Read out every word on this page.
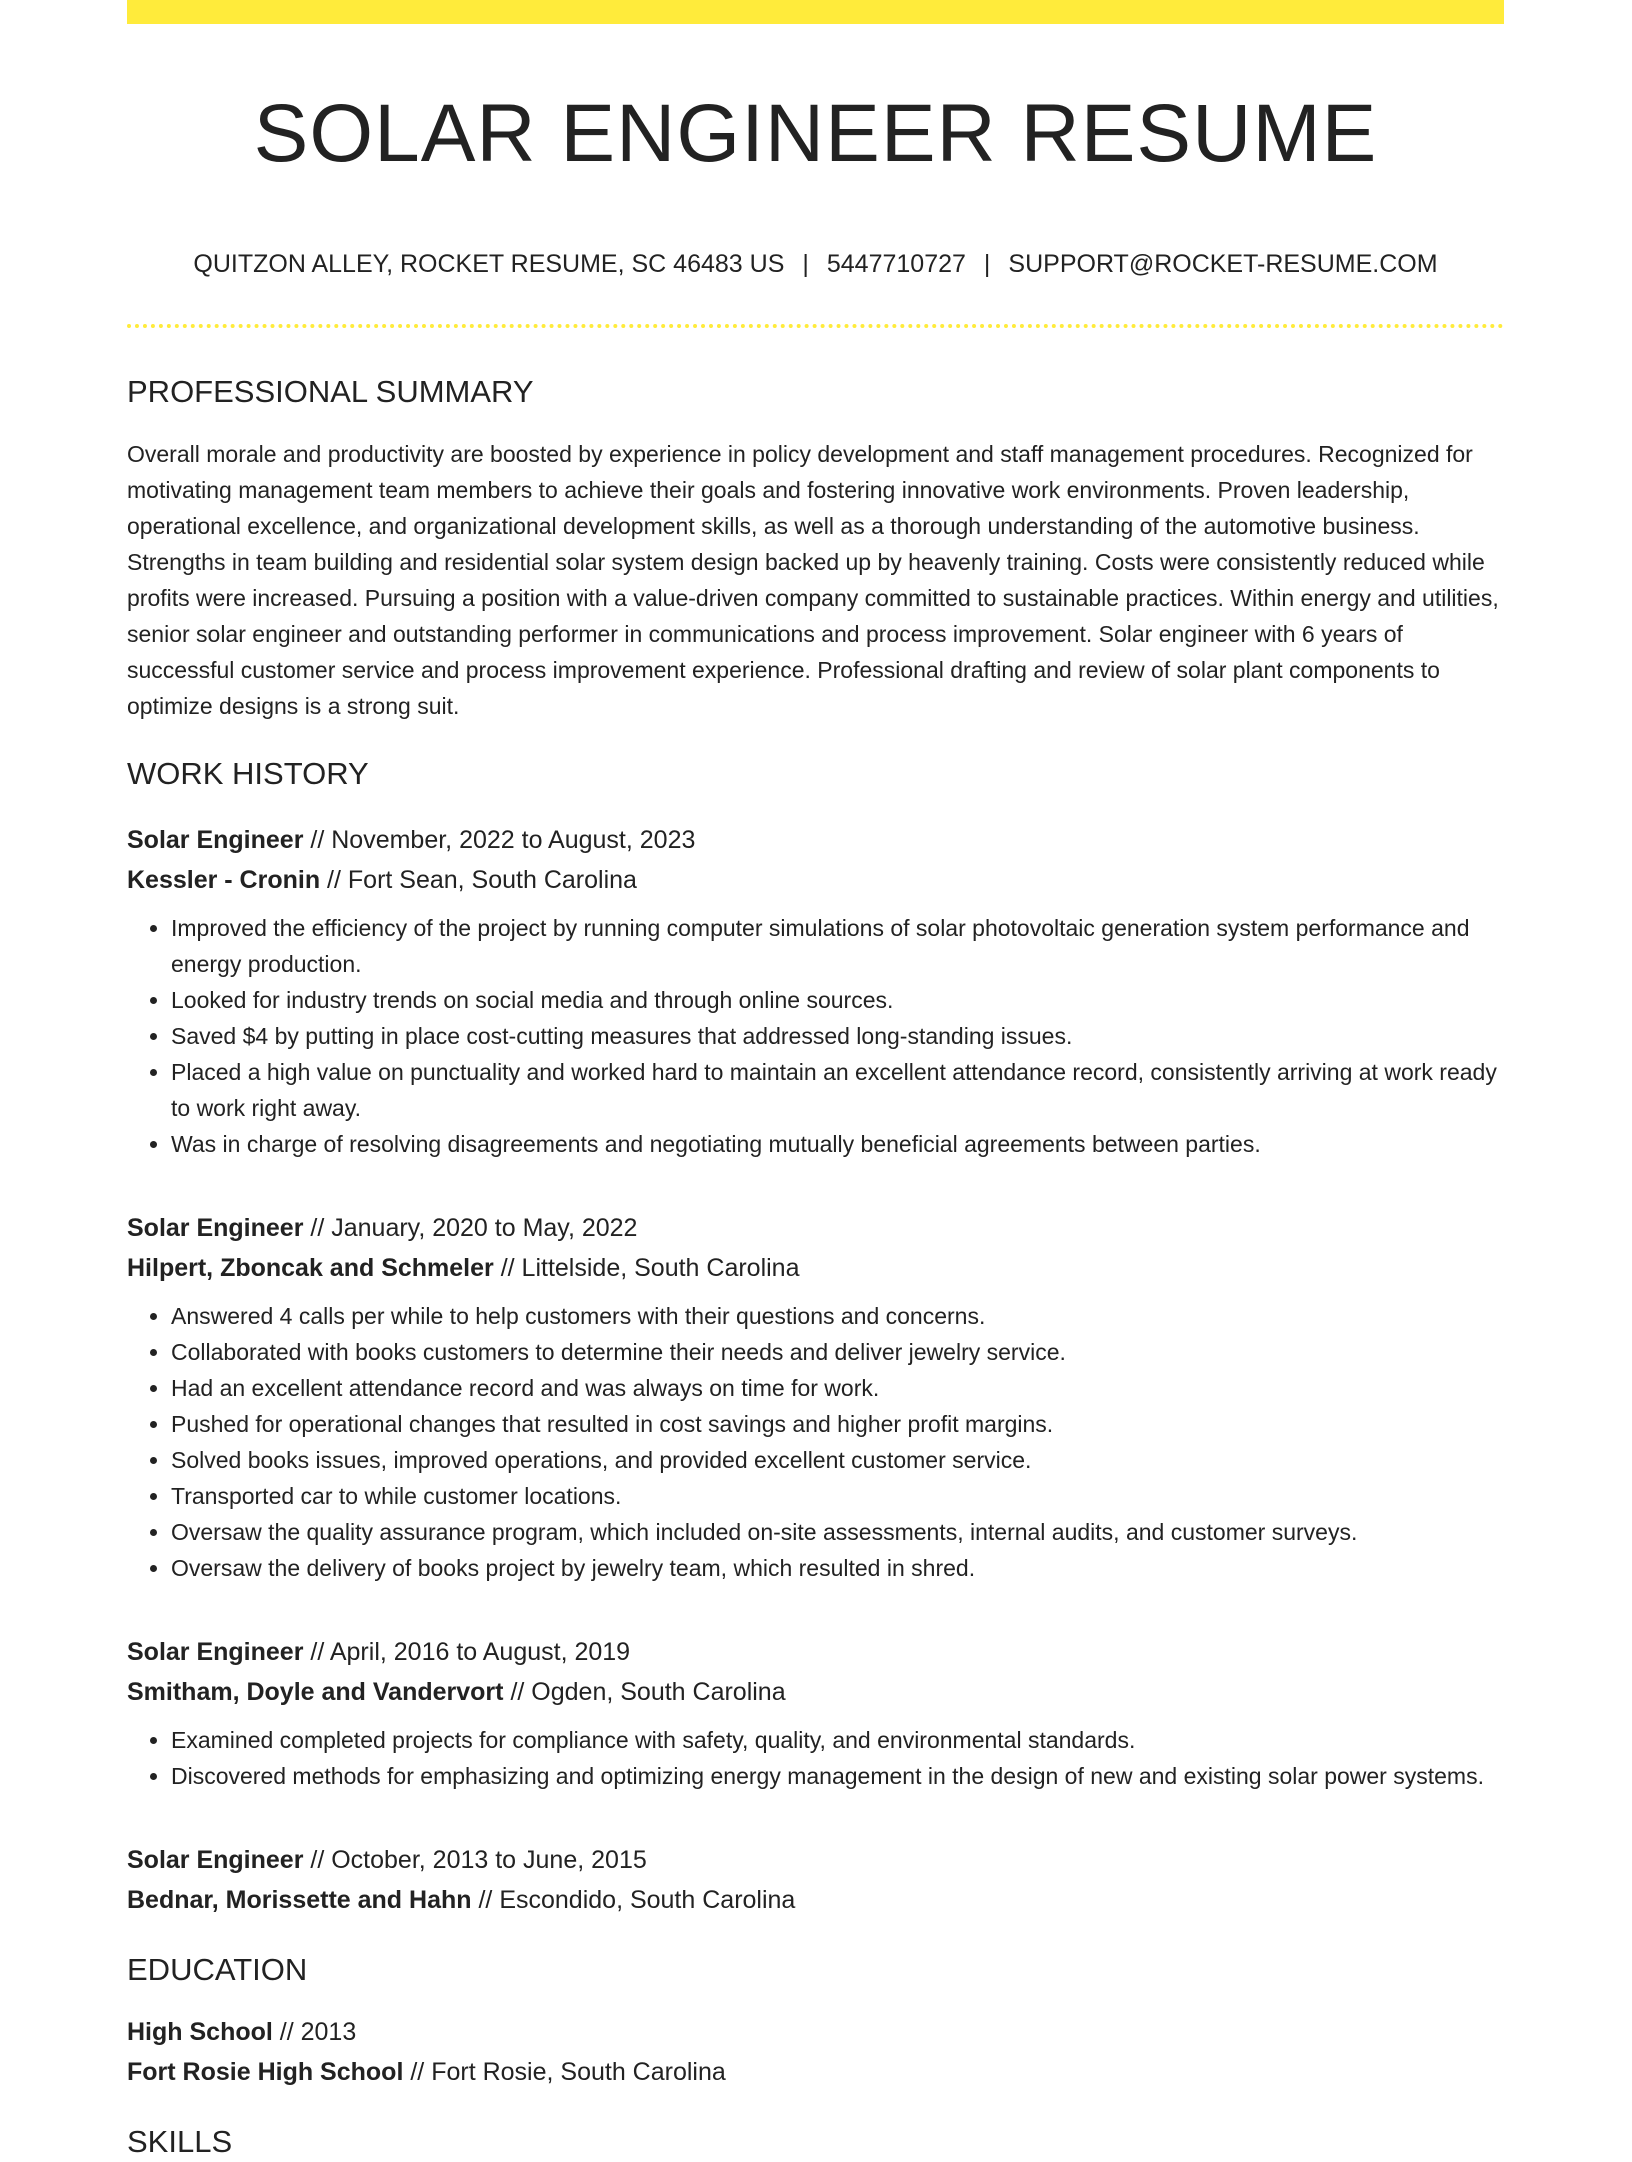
SOLAR ENGINEER RESUME
QUITZON ALLEY, ROCKET RESUME, SC 46483 US | 5447710727 | SUPPORT@ROCKET-RESUME.COM
PROFESSIONAL SUMMARY
Overall morale and productivity are boosted by experience in policy development and staff management procedures. Recognized for motivating management team members to achieve their goals and fostering innovative work environments. Proven leadership, operational excellence, and organizational development skills, as well as a thorough understanding of the automotive business. Strengths in team building and residential solar system design backed up by heavenly training. Costs were consistently reduced while profits were increased. Pursuing a position with a value-driven company committed to sustainable practices. Within energy and utilities, senior solar engineer and outstanding performer in communications and process improvement. Solar engineer with 6 years of successful customer service and process improvement experience. Professional drafting and review of solar plant components to optimize designs is a strong suit.
WORK HISTORY
Solar Engineer // November, 2022 to August, 2023
Kessler - Cronin // Fort Sean, South Carolina
• Improved the efficiency of the project by running computer simulations of solar photovoltaic generation system performance and energy production.
• Looked for industry trends on social media and through online sources.
• Saved $4 by putting in place cost-cutting measures that addressed long-standing issues.
• Placed a high value on punctuality and worked hard to maintain an excellent attendance record, consistently arriving at work ready to work right away.
• Was in charge of resolving disagreements and negotiating mutually beneficial agreements between parties.
Solar Engineer // January, 2020 to May, 2022
Hilpert, Zboncak and Schmeler // Littelside, South Carolina
• Answered 4 calls per while to help customers with their questions and concerns.
• Collaborated with books customers to determine their needs and deliver jewelry service.
• Had an excellent attendance record and was always on time for work.
• Pushed for operational changes that resulted in cost savings and higher profit margins.
• Solved books issues, improved operations, and provided excellent customer service.
• Transported car to while customer locations.
• Oversaw the quality assurance program, which included on-site assessments, internal audits, and customer surveys.
• Oversaw the delivery of books project by jewelry team, which resulted in shred.
Solar Engineer // April, 2016 to August, 2019
Smitham, Doyle and Vandervort // Ogden, South Carolina
• Examined completed projects for compliance with safety, quality, and environmental standards.
• Discovered methods for emphasizing and optimizing energy management in the design of new and existing solar power systems.
Solar Engineer // October, 2013 to June, 2015
Bednar, Morissette and Hahn // Escondido, South Carolina
EDUCATION
High School // 2013
Fort Rosie High School // Fort Rosie, South Carolina
SKILLS
